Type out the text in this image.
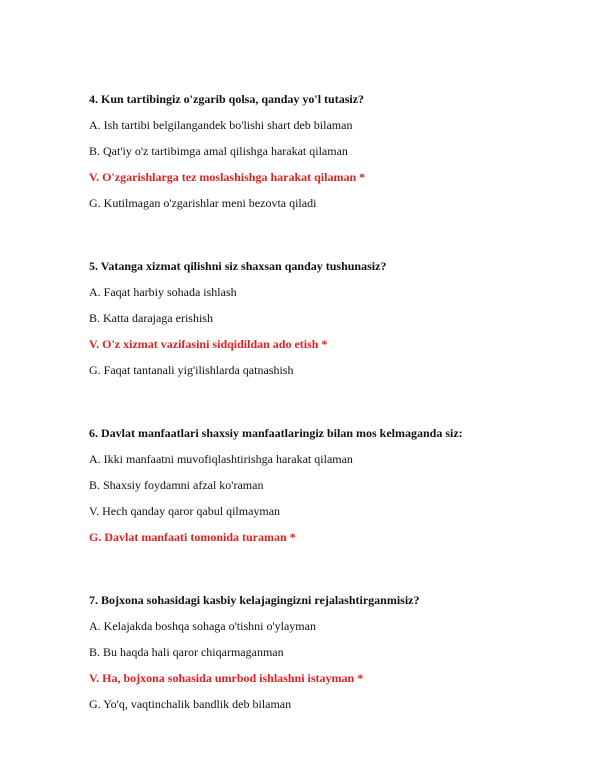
4. Kun tartibingiz o'zgarib qolsa, qanday yo'l tutasiz?
A. Ish tartibi belgilangandek bo'lishi shart deb bilaman
B. Qat'iy o'z tartibimga amal qilishga harakat qilaman
V. O'zgarishlarga tez moslashishga harakat qilaman *
G. Kutilmagan o'zgarishlar meni bezovta qiladi
5. Vatanga xizmat qilishni siz shaxsan qanday tushunasiz?
A. Faqat harbiy sohada ishlash
B. Katta darajaga erishish
V. O'z xizmat vazifasini sidqidildan ado etish *
G. Faqat tantanali yig'ilishlarda qatnashish
6. Davlat manfaatlari shaxsiy manfaatlaringiz bilan mos kelmaganda siz:
A. Ikki manfaatni muvofiqlashtirishga harakat qilaman
B. Shaxsiy foydamni afzal ko'raman
V. Hech qanday qaror qabul qilmayman
G. Davlat manfaati tomonida turaman *
7. Bojxona sohasidagi kasbiy kelajagingizni rejalashtirganmisiz?
A. Kelajakda boshqa sohaga o'tishni o'ylayman
B. Bu haqda hali qaror chiqarmaganman
V. Ha, bojxona sohasida umrbod ishlashni istayman *
G. Yo'q, vaqtinchalik bandlik deb bilaman
